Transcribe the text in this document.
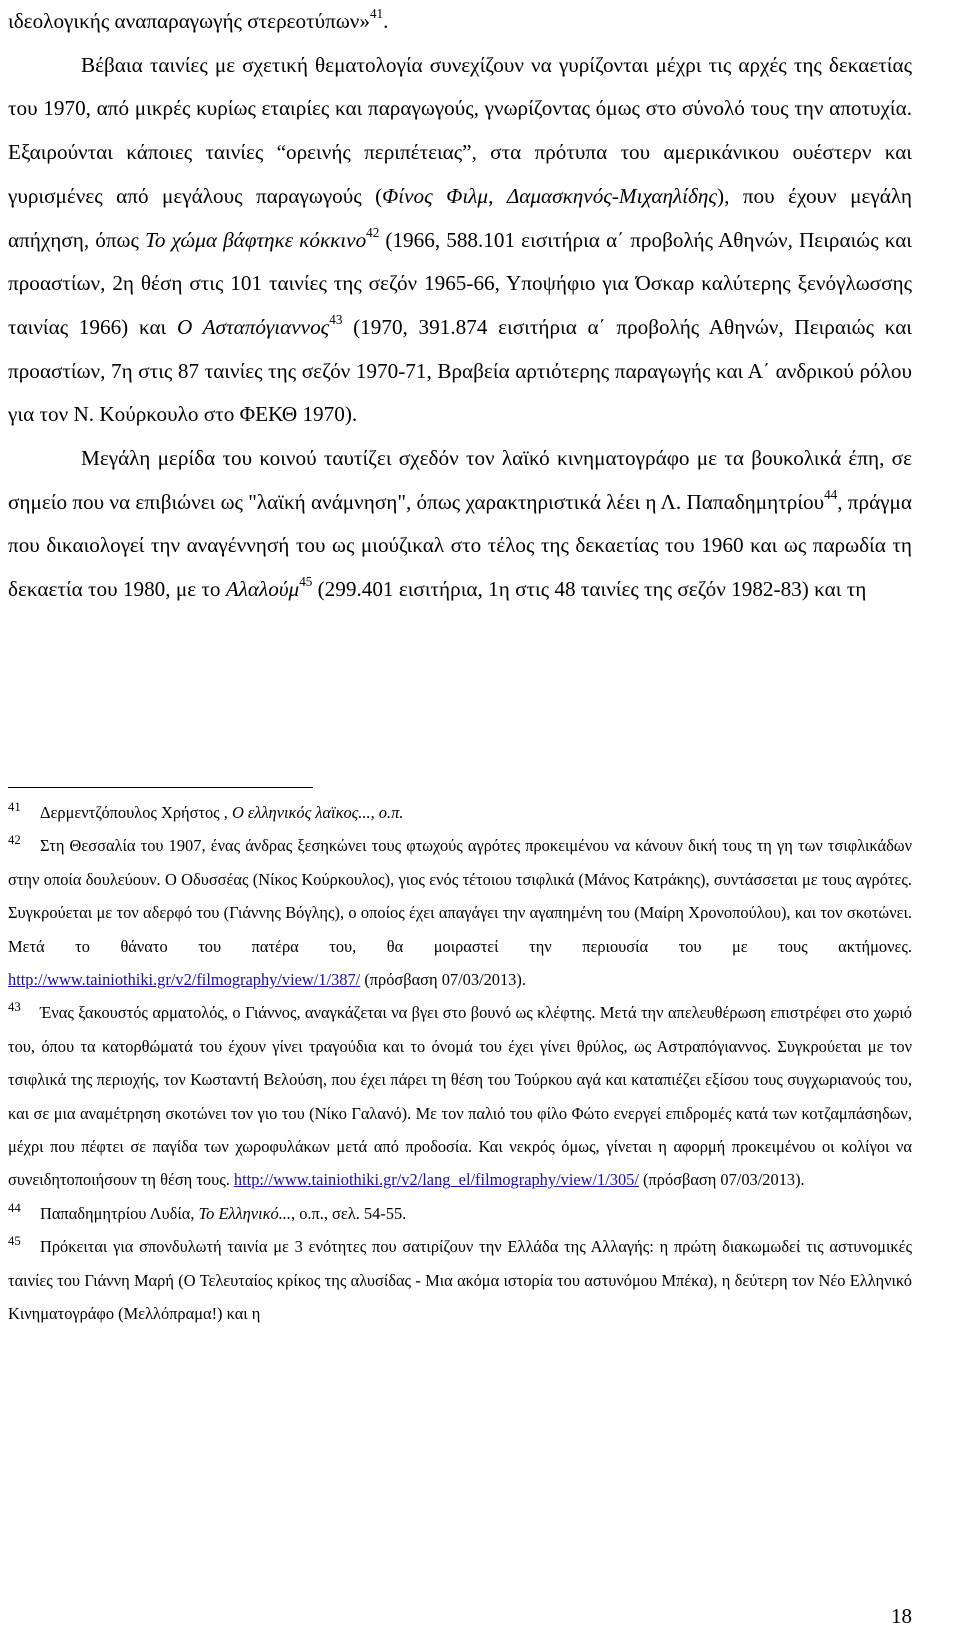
ιδεολογικής αναπαραγωγής στερεοτύπων»$^{41}$.

Βέβαια ταινίες με σχετική θεματολογία συνεχίζουν να γυρίζονται μέχρι τις αρχές της δεκαετίας του 1970, από μικρές κυρίως εταιρίες και παραγωγούς, γνωρίζοντας όμως στο σύνολό τους την αποτυχία. Εξαιρούνται κάποιες ταινίες “ορεινής περιπέτειας”, στα πρότυπα του αμερικάνικου ουέστερν και γυρισμένες από μεγάλους παραγωγούς (Φίνος Φιλμ, Δαμασκηνός-Μιχαηλίδης), που έχουν μεγάλη απήχηση, όπως Το χώμα βάφτηκε κόκκινο$^{42}$ (1966, 588.101 εισιτήρια α΄ προβολής Αθηνών, Πειραιώς και προαστίων, 2η θέση στις 101 ταινίες της σεζόν 1965-66, Υποψήφιο για Όσκαρ καλύτερης ξενόγλωσσης ταινίας 1966) και Ο Ασταπόγιαννος$^{43}$ (1970, 391.874 εισιτήρια α΄ προβολής Αθηνών, Πειραιώς και προαστίων, 7η στις 87 ταινίες της σεζόν 1970-71, Βραβεία αρτιότερης παραγωγής και Α΄ ανδρικού ρόλου για τον Ν. Κούρκουλο στο ΦΕΚΘ 1970).

Μεγάλη μερίδα του κοινού ταυτίζει σχεδόν τον λαϊκό κινηματογράφο με τα βουκολικά έπη, σε σημείο που να επιβιώνει ως "λαϊκή ανάμνηση", όπως χαρακτηριστικά λέει η Λ. Παπαδημητρίου$^{44}$, πράγμα που δικαιολογεί την αναγέννησή του ως μιούζικαλ στο τέλος της δεκαετίας του 1960 και ως παρωδία τη δεκαετία του 1980, με το Αλαλούμ$^{45}$ (299.401 εισιτήρια, 1η στις 48 ταινίες της σεζόν 1982-83) και τη

41 Δερμεντζόπουλος Χρήστος , Ο ελληνικός λαϊκος..., ο.π.

42 Στη Θεσσαλία του 1907, ένας άνδρας ξεσηκώνει τους φτωχούς αγρότες προκειμένου να κάνουν δική τους τη γη των τσιφλικάδων στην οποία δουλεύουν. Ο Οδυσσέας (Νίκος Κούρκουλος), γιος ενός τέτοιου τσιφλικά (Μάνος Κατράκης), συντάσσεται με τους αγρότες. Συγκρούεται με τον αδερφό του (Γιάννης Βόγλης), ο οποίος έχει απαγάγει την αγαπημένη του (Μαίρη Χρονοπούλου), και τον σκοτώνει. Μετά το θάνατο του πατέρα του, θα μοιραστεί την περιουσία του με τους ακτήμονες. http://www.tainiothiki.gr/v2/filmography/view/1/387/ (πρόσβαση 07/03/2013).

43 Ένας ξακουστός αρματολός, ο Γιάννος, αναγκάζεται να βγει στο βουνό ως κλέφτης. Μετά την απελευθέρωση επιστρέφει στο χωριό του, όπου τα κατορθώματά του έχουν γίνει τραγούδια και το όνομά του έχει γίνει θρύλος, ως Αστραπόγιαννος. Συγκρούεται με τον τσιφλικά της περιοχής, τον Κωσταντή Βελούση, που έχει πάρει τη θέση του Τούρκου αγά και καταπιέζει εξίσου τους συγχωριανούς του, και σε μια αναμέτρηση σκοτώνει τον γιο του (Νίκο Γαλανό). Με τον παλιό του φίλο Φώτο ενεργεί επιδρομές κατά των κοτζαμπάσηδων, μέχρι που πέφτει σε παγίδα των χωροφυλάκων μετά από προδοσία. Και νεκρός όμως, γίνεται η αφορμή προκειμένου οι κολίγοι να συνειδητοποιήσουν τη θέση τους. http://www.tainiothiki.gr/v2/lang_el/filmography/view/1/305/ (πρόσβαση 07/03/2013).

44 Παπαδημητρίου Λυδία, Το Ελληνικό..., ο.π., σελ. 54-55.

45 Πρόκειται για σπονδυλωτή ταινία με 3 ενότητες που σατιρίζουν την Ελλάδα της Αλλαγής: η πρώτη διακωμωδεί τις αστυνομικές ταινίες του Γιάννη Μαρή (Ο Τελευταίος κρίκος της αλυσίδας - Μια ακόμα ιστορία του αστυνόμου Μπέκα), η δεύτερη τον Νέο Ελληνικό Κινηματογράφο (Μελλόπραμα!) και η

18
